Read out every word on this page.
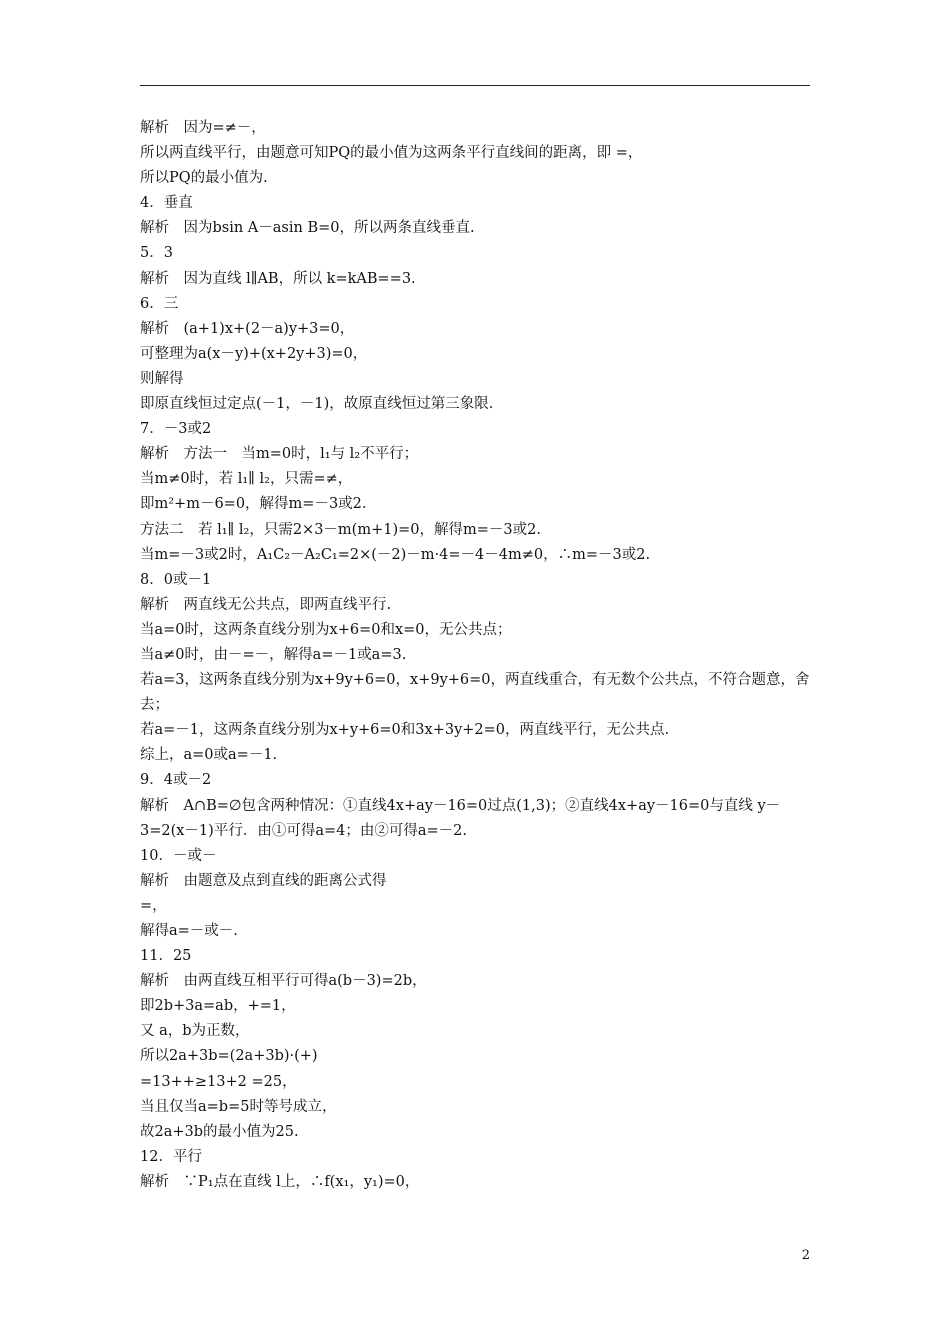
解析　因为=≠－，
所以两直线平行，由题意可知PQ的最小值为这两条平行直线间的距离，即 =，
所以PQ的最小值为.
4．垂直
解析　因为bsin A－asin B=0，所以两条直线垂直.
5．3
解析　因为直线 l∥AB，所以 k=kAB==3.
6．三
解析　(a+1)x+(2－a)y+3=0，
可整理为a(x－y)+(x+2y+3)=0，
则解得
即原直线恒过定点(－1，－1)，故原直线恒过第三象限.
7．－3或2
解析　方法一　当m=0时，l₁与 l₂不平行；
当m≠0时，若 l₁∥ l₂，只需=≠，
即m²+m－6=0，解得m=－3或2.
方法二　若 l₁∥ l₂，只需2×3－m(m+1)=0，解得m=－3或2.
当m=－3或2时，A₁C₂－A₂C₁=2×(－2)－m·4=－4－4m≠0，∴m=－3或2.
8．0或－1
解析　两直线无公共点，即两直线平行.
当a=0时，这两条直线分别为x+6=0和x=0，无公共点；
当a≠0时，由－=－，解得a=－1或a=3.
若a=3，这两条直线分别为x+9y+6=0，x+9y+6=0，两直线重合，有无数个公共点，不符合题意，舍去；
若a=－1，这两条直线分别为x+y+6=0和3x+3y+2=0，两直线平行，无公共点.
综上，a=0或a=－1.
9．4或－2
解析　A∩B=∅包含两种情况：①直线4x+ay－16=0过点(1,3)；②直线4x+ay－16=0与直线 y－3=2(x－1)平行．由①可得a=4；由②可得a=－2.
10．－或－
解析　由题意及点到直线的距离公式得
=，
解得a=－或－.
11．25
解析　由两直线互相平行可得a(b－3)=2b，
即2b+3a=ab，+=1，
又 a，b为正数，
所以2a+3b=(2a+3b)·(+)
=13++≥13+2 =25，
当且仅当a=b=5时等号成立，
故2a+3b的最小值为25.
12．平行
解析　∵P₁点在直线 l上，∴f(x₁，y₁)=0，
2
